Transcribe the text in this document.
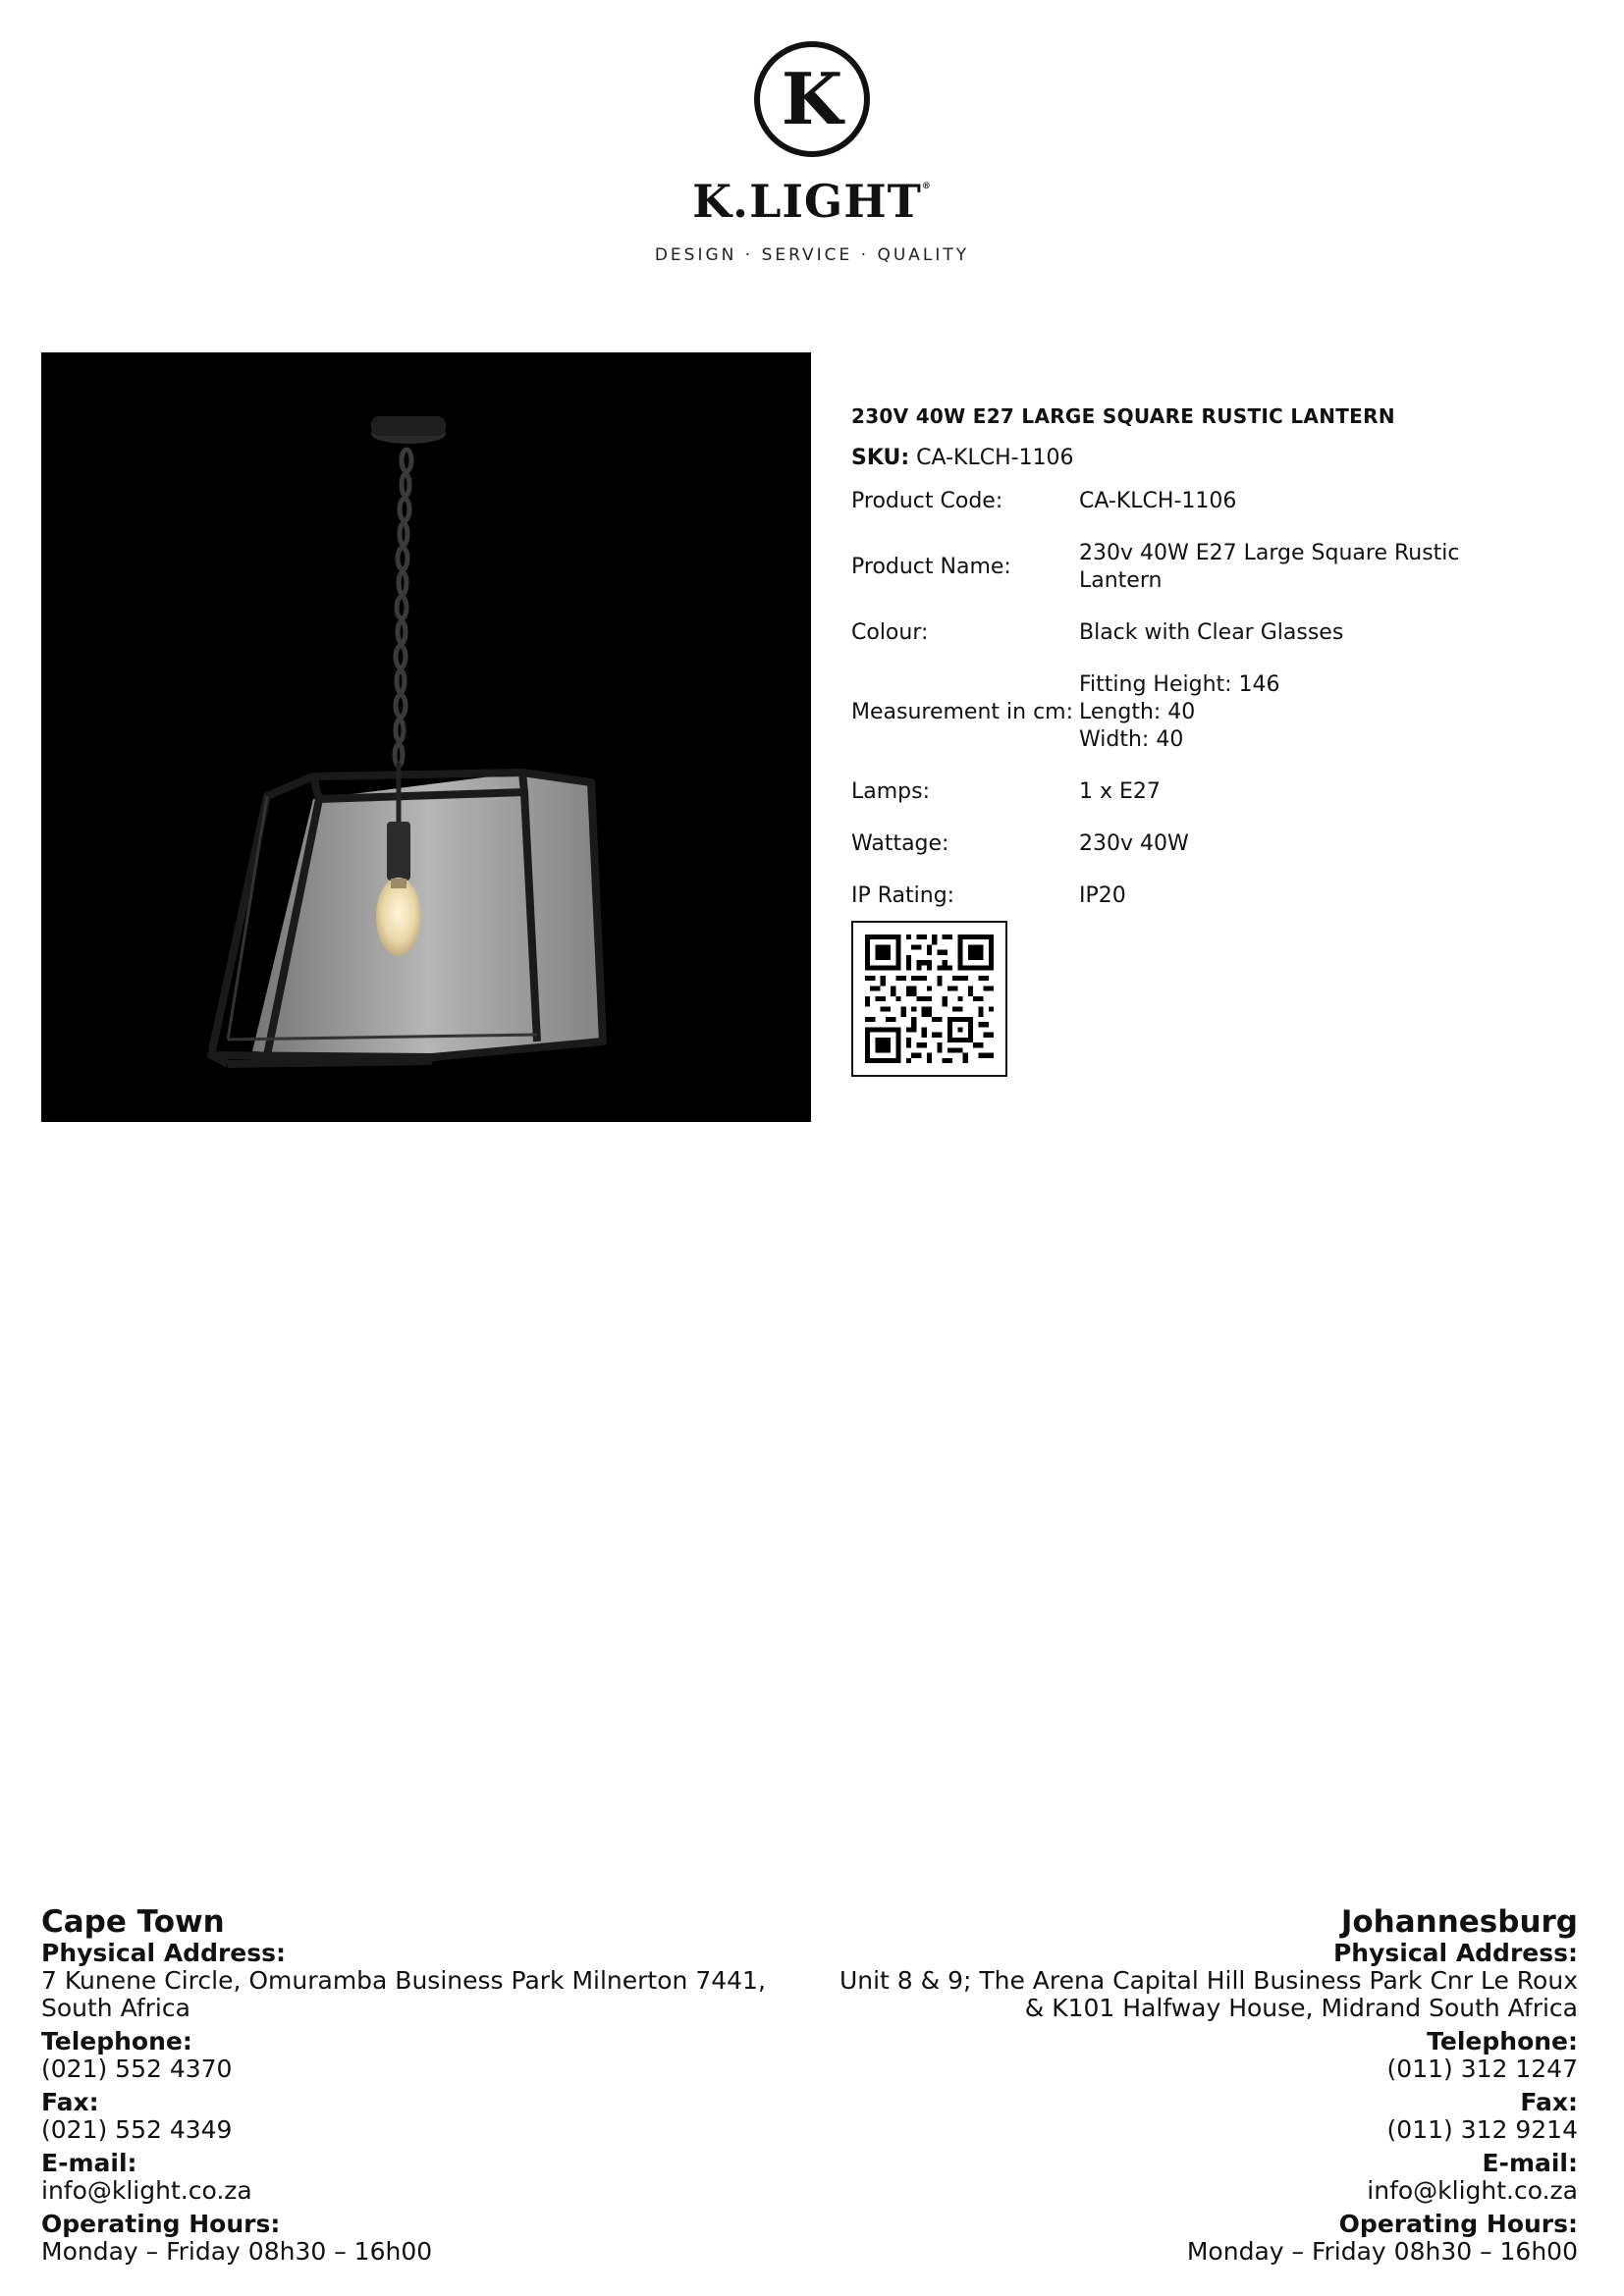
K
K.LIGHT®
DESIGN · SERVICE · QUALITY
230V 40W E27 LARGE SQUARE RUSTIC LANTERN
SKU: CA-KLCH-1106
Product Code:	CA-KLCH-1106

Product Name:	230v 40W E27 Large Square Rustic
Lantern

Colour:	Black with Clear Glasses

Measurement in cm:	Fitting Height: 146
Length: 40
Width: 40

Lamps:	1 x E27

Wattage:	230v 40W

IP Rating:	IP20
Cape Town
Physical Address:
7 Kunene Circle, Omuramba Business Park Milnerton 7441,
South Africa
Telephone:
(021) 552 4370
Fax:
(021) 552 4349
E-mail:
info@klight.co.za
Operating Hours:
Monday – Friday 08h30 – 16h00
Johannesburg
Physical Address:
Unit 8 & 9; The Arena Capital Hill Business Park Cnr Le Roux
& K101 Halfway House, Midrand South Africa
Telephone:
(011) 312 1247
Fax:
(011) 312 9214
E-mail:
info@klight.co.za
Operating Hours:
Monday – Friday 08h30 – 16h00
